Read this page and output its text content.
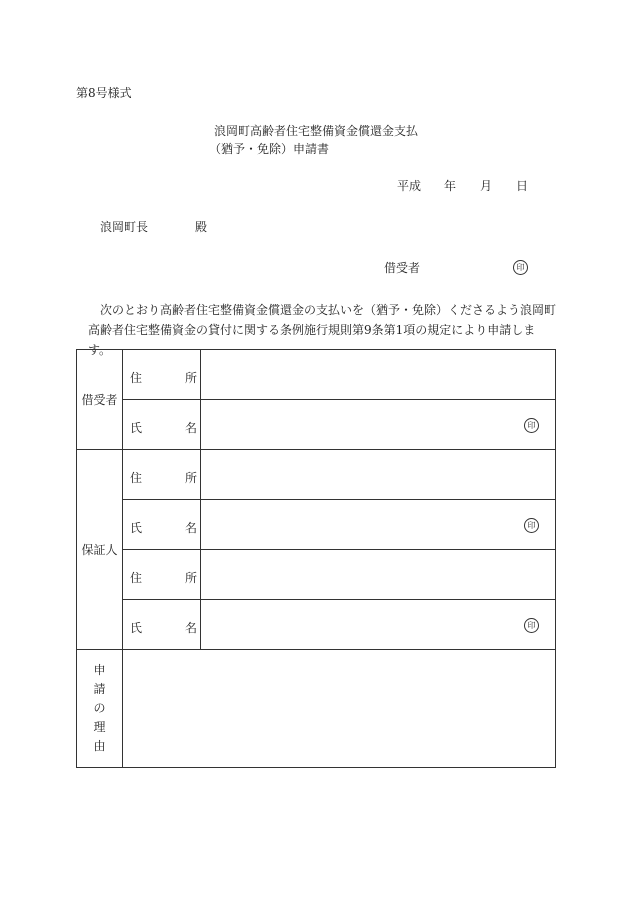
第8号様式
浪岡町高齢者住宅整備資金償還金支払
（猶予・免除）申請書
平成 年 月 日
浪岡町長	殿
借受者	印
次のとおり高齢者住宅整備資金償還金の支払いを（猶予・免除）くださるよう浪岡町高齢者住宅整備資金の貸付に関する条例施行規則第9条第1項の規定により申請します。
借受者	住 所	

	氏 名	印

保証人	住 所	

	氏 名	印

	住 所	

	氏 名	印

申
請
の
理
由		
